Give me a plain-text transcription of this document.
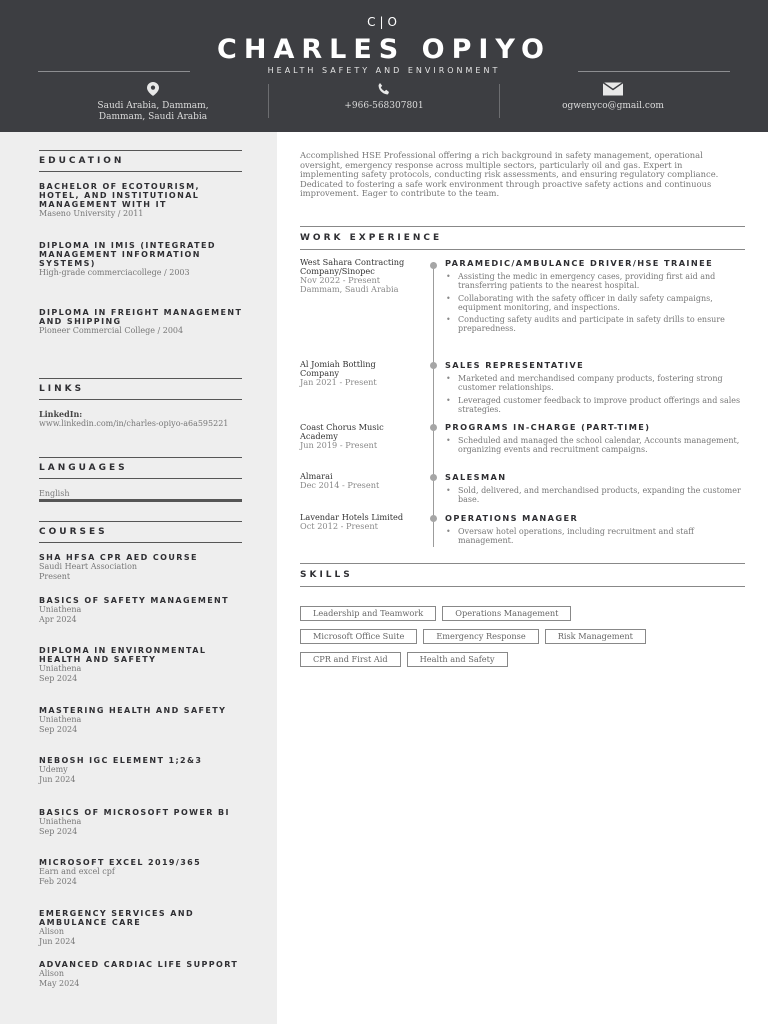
C|O
CHARLES OPIYO
HEALTH SAFETY AND ENVIRONMENT
Saudi Arabia, Dammam, Dammam, Saudi Arabia
+966-568307801	ogwenyco@gmail.com
EDUCATION
BACHELOR OF ECOTOURISM, HOTEL, AND INSTITUTIONAL MANAGEMENT WITH IT
Maseno University / 2011
DIPLOMA IN IMIS (INTEGRATED MANAGEMENT INFORMATION SYSTEMS)
High-grade commerciacollege / 2003
DIPLOMA IN FREIGHT MANAGEMENT AND SHIPPING
Pioneer Commercial College / 2004
LINKS
LinkedIn:
www.linkedin.com/in/charles-opiyo-a6a595221
LANGUAGES
English
COURSES
SHA HFSA CPR AED COURSE
Saudi Heart Association
Present
BASICS OF SAFETY MANAGEMENT
Uniathena
Apr 2024
DIPLOMA IN ENVIRONMENTAL HEALTH AND SAFETY
Uniathena
Sep 2024
MASTERING HEALTH AND SAFETY
Uniathena
Sep 2024
NEBOSH IGC ELEMENT 1;2&3
Udemy
Jun 2024
BASICS OF MICROSOFT POWER BI
Uniathena
Sep 2024
MICROSOFT EXCEL 2019/365
Earn and excel cpf
Feb 2024
EMERGENCY SERVICES AND AMBULANCE CARE
Alison
Jun 2024
ADVANCED CARDIAC LIFE SUPPORT
Alison
May 2024
Accomplished HSE Professional offering a rich background in safety management, operational oversight, emergency response across multiple sectors, particularly oil and gas. Expert in implementing safety protocols, conducting risk assessments, and ensuring regulatory compliance. Dedicated to fostering a safe work environment through proactive safety actions and continuous improvement. Eager to contribute to the team.
WORK EXPERIENCE
West Sahara Contracting Company/Sinopec
Nov 2022 - Present
Dammam, Saudi Arabia
PARAMEDIC/AMBULANCE DRIVER/HSE TRAINEE
• Assisting the medic in emergency cases, providing first aid and transferring patients to the nearest hospital.
• Collaborating with the safety officer in daily safety campaigns, equipment monitoring, and inspections.
• Conducting safety audits and participate in safety drills to ensure preparedness.
Al Jomiah Bottling Company
Jan 2021 - Present
SALES REPRESENTATIVE
• Marketed and merchandised company products, fostering strong customer relationships.
• Leveraged customer feedback to improve product offerings and sales strategies.
Coast Chorus Music Academy
Jun 2019 - Present
PROGRAMS IN-CHARGE (PART-TIME)
• Scheduled and managed the school calendar, Accounts management, organizing events and recruitment campaigns.
Almarai
Dec 2014 - Present
SALESMAN
• Sold, delivered, and merchandised products, expanding the customer base.
Lavendar Hotels Limited
Oct 2012 - Present
OPERATIONS MANAGER
• Oversaw hotel operations, including recruitment and staff management.
SKILLS
Leadership and Teamwork	Operations Management
Microsoft Office Suite	Emergency Response	Risk Management
CPR and First Aid	Health and Safety
